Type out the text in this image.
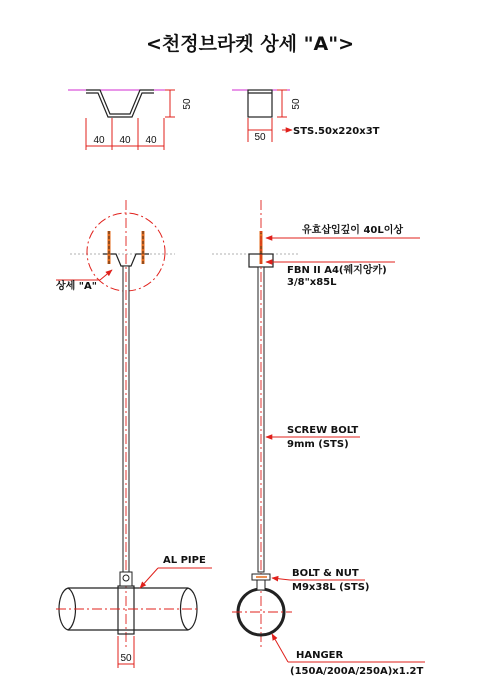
<천정브라켓 상세 "A">
50
40 40 40
50
50
STS.50x220x3T
상세 "A"
AL PIPE
50
유효삽입깊이 40L이상
FBN II A4(웨지앙카)
3/8"x85L
SCREW BOLT
9mm (STS)
BOLT & NUT
M9x38L (STS)
HANGER
(150A/200A/250A)x1.2T
